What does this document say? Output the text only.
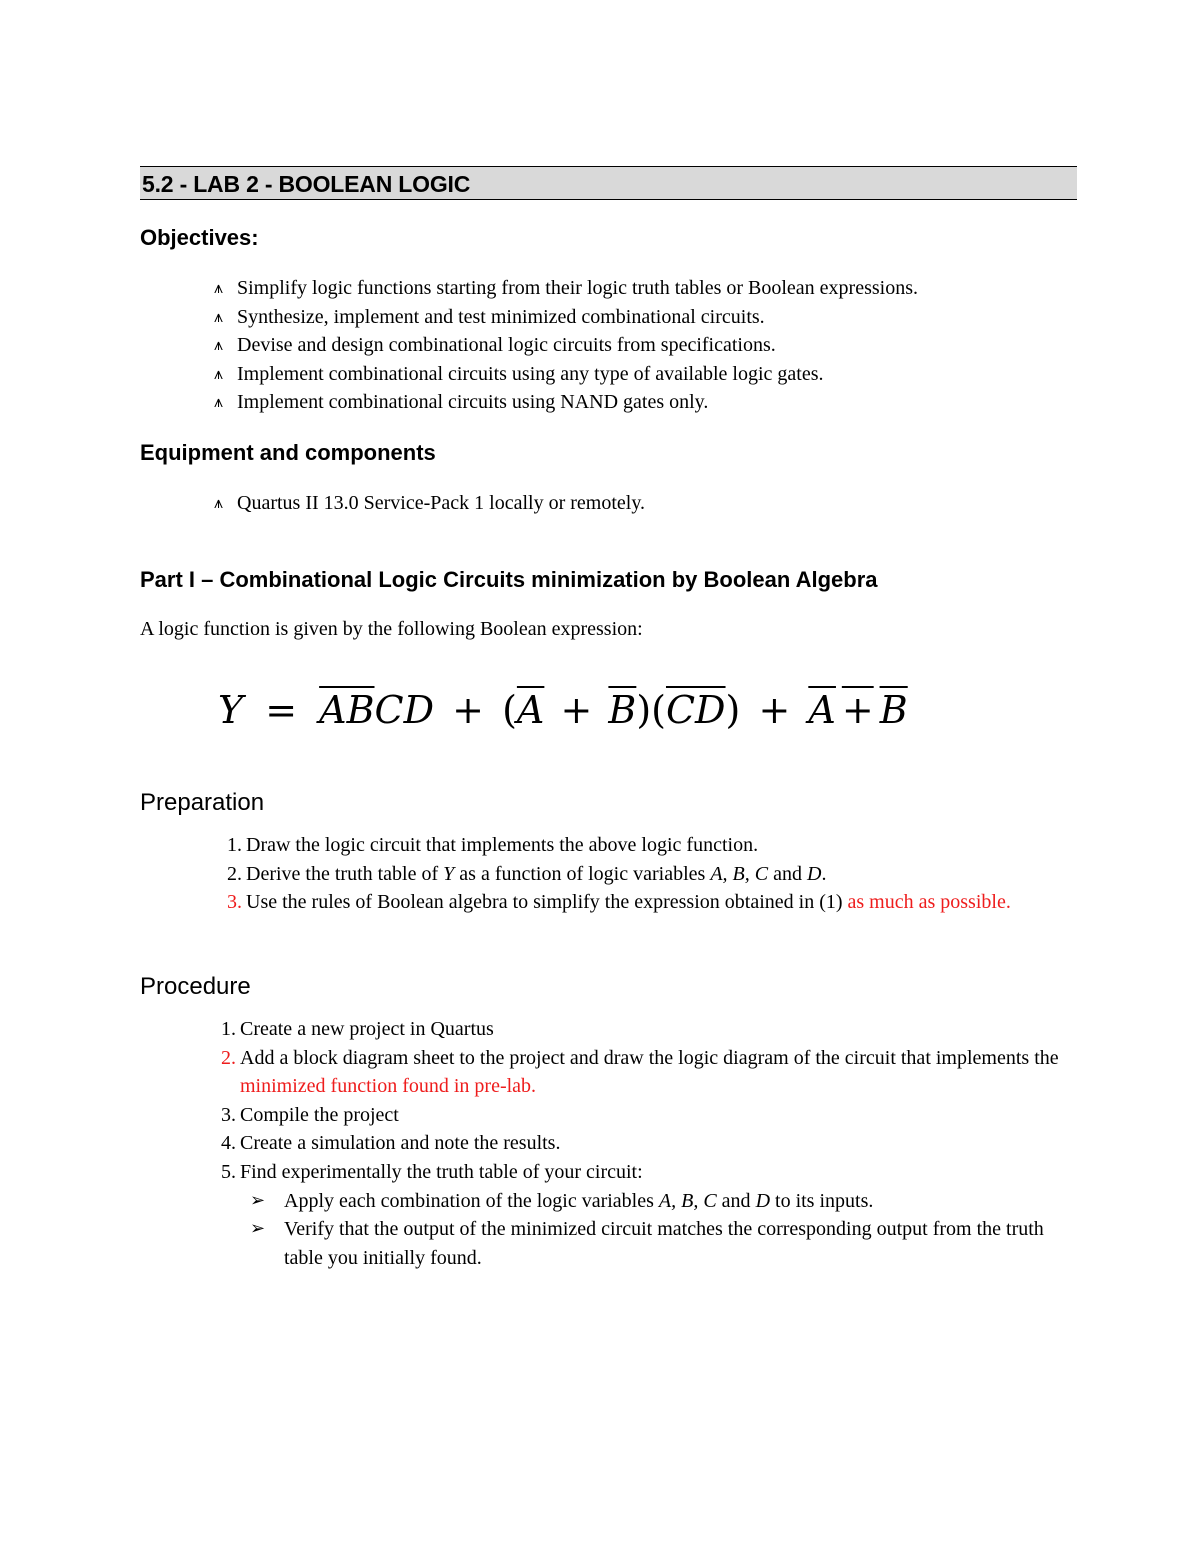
5.2 - LAB 2 - BOOLEAN LOGIC
Objectives:
⩚ Simplify logic functions starting from their logic truth tables or Boolean expressions.
⩚ Synthesize, implement and test minimized combinational circuits.
⩚ Devise and design combinational logic circuits from specifications.
⩚ Implement combinational circuits using any type of available logic gates.
⩚ Implement combinational circuits using NAND gates only.
Equipment and components
⩚ Quartus II 13.0 Service-Pack 1 locally or remotely.
Part I – Combinational Logic Circuits minimization by Boolean Algebra
A logic function is given by the following Boolean expression:
$Y = \overline{AB}CD + (\overline{A} + \overline{B})(\overline{CD}) + A + B$
Preparation
1. Draw the logic circuit that implements the above logic function.
2. Derive the truth table of Y as a function of logic variables A, B, C and D.
3. Use the rules of Boolean algebra to simplify the expression obtained in (1) as much as possible.
Procedure
1. Create a new project in Quartus
2. Add a block diagram sheet to the project and draw the logic diagram of the circuit that implements the minimized function found in pre-lab.
3. Compile the project
4. Create a simulation and note the results.
5. Find experimentally the truth table of your circuit:
➢ Apply each combination of the logic variables A, B, C and D to its inputs.
➢ Verify that the output of the minimized circuit matches the corresponding output from the truth table you initially found.
